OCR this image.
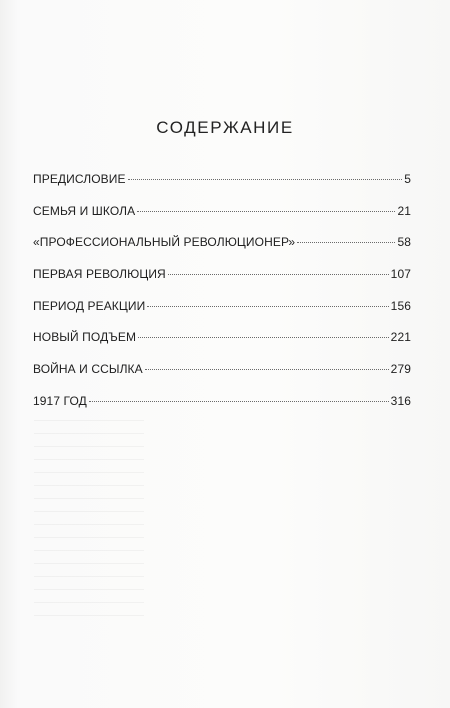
СОДЕРЖАНИЕ
ПРЕДИСЛОВИЕ	5
СЕМЬЯ И ШКОЛА	21
«ПРОФЕССИОНАЛЬНЫЙ РЕВОЛЮЦИОНЕР»	58
ПЕРВАЯ РЕВОЛЮЦИЯ	107
ПЕРИОД РЕАКЦИИ	156
НОВЫЙ ПОДЪЕМ	221
ВОЙНА И ССЫЛКА	279
1917 ГОД	316
